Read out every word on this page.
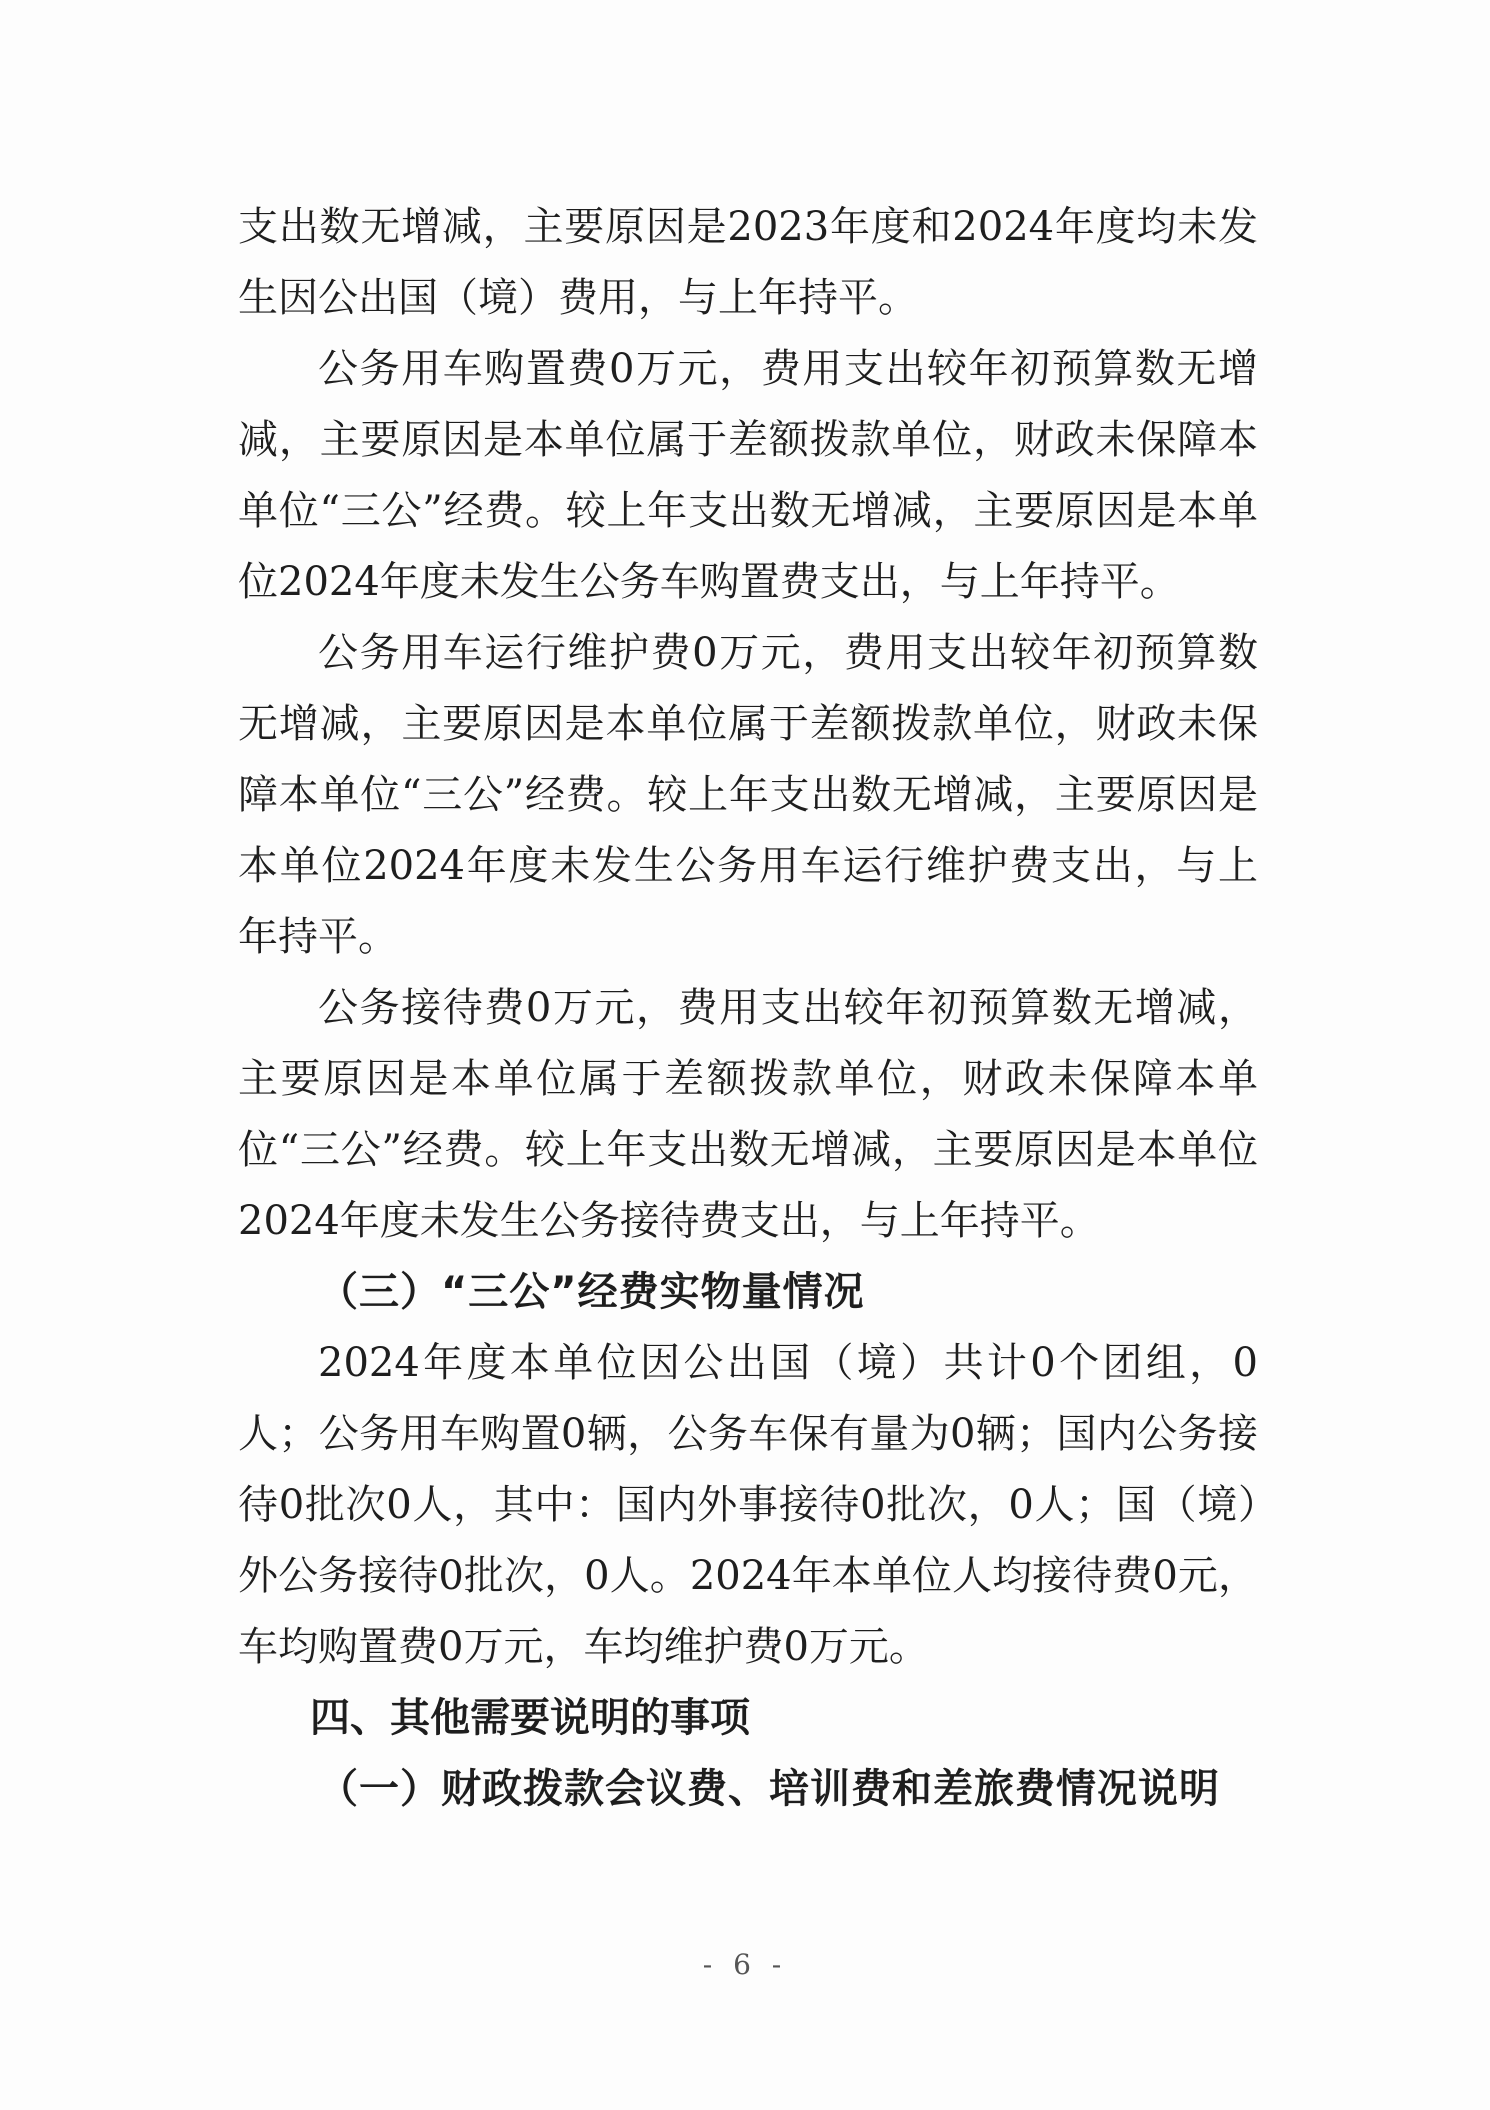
支出数无增减，主要原因是2023年度和2024年度均未发生因公出国（境）费用，与上年持平。

公务用车购置费0万元，费用支出较年初预算数无增减，主要原因是本单位属于差额拨款单位，财政未保障本单位“三公”经费。较上年支出数无增减，主要原因是本单位2024年度未发生公务车购置费支出，与上年持平。

公务用车运行维护费0万元，费用支出较年初预算数无增减，主要原因是本单位属于差额拨款单位，财政未保障本单位“三公”经费。较上年支出数无增减，主要原因是本单位2024年度未发生公务用车运行维护费支出，与上年持平。

公务接待费0万元，费用支出较年初预算数无增减，主要原因是本单位属于差额拨款单位，财政未保障本单位“三公”经费。较上年支出数无增减，主要原因是本单位2024年度未发生公务接待费支出，与上年持平。

（三）“三公”经费实物量情况

2024年度本单位因公出国（境）共计0个团组，0人；公务用车购置0辆，公务车保有量为0辆；国内公务接待0批次0人，其中：国内外事接待0批次，0人；国（境）外公务接待0批次，0人。2024年本单位人均接待费0元，车均购置费0万元，车均维护费0万元。

四、其他需要说明的事项

（一）财政拨款会议费、培训费和差旅费情况说明

- 6 -
